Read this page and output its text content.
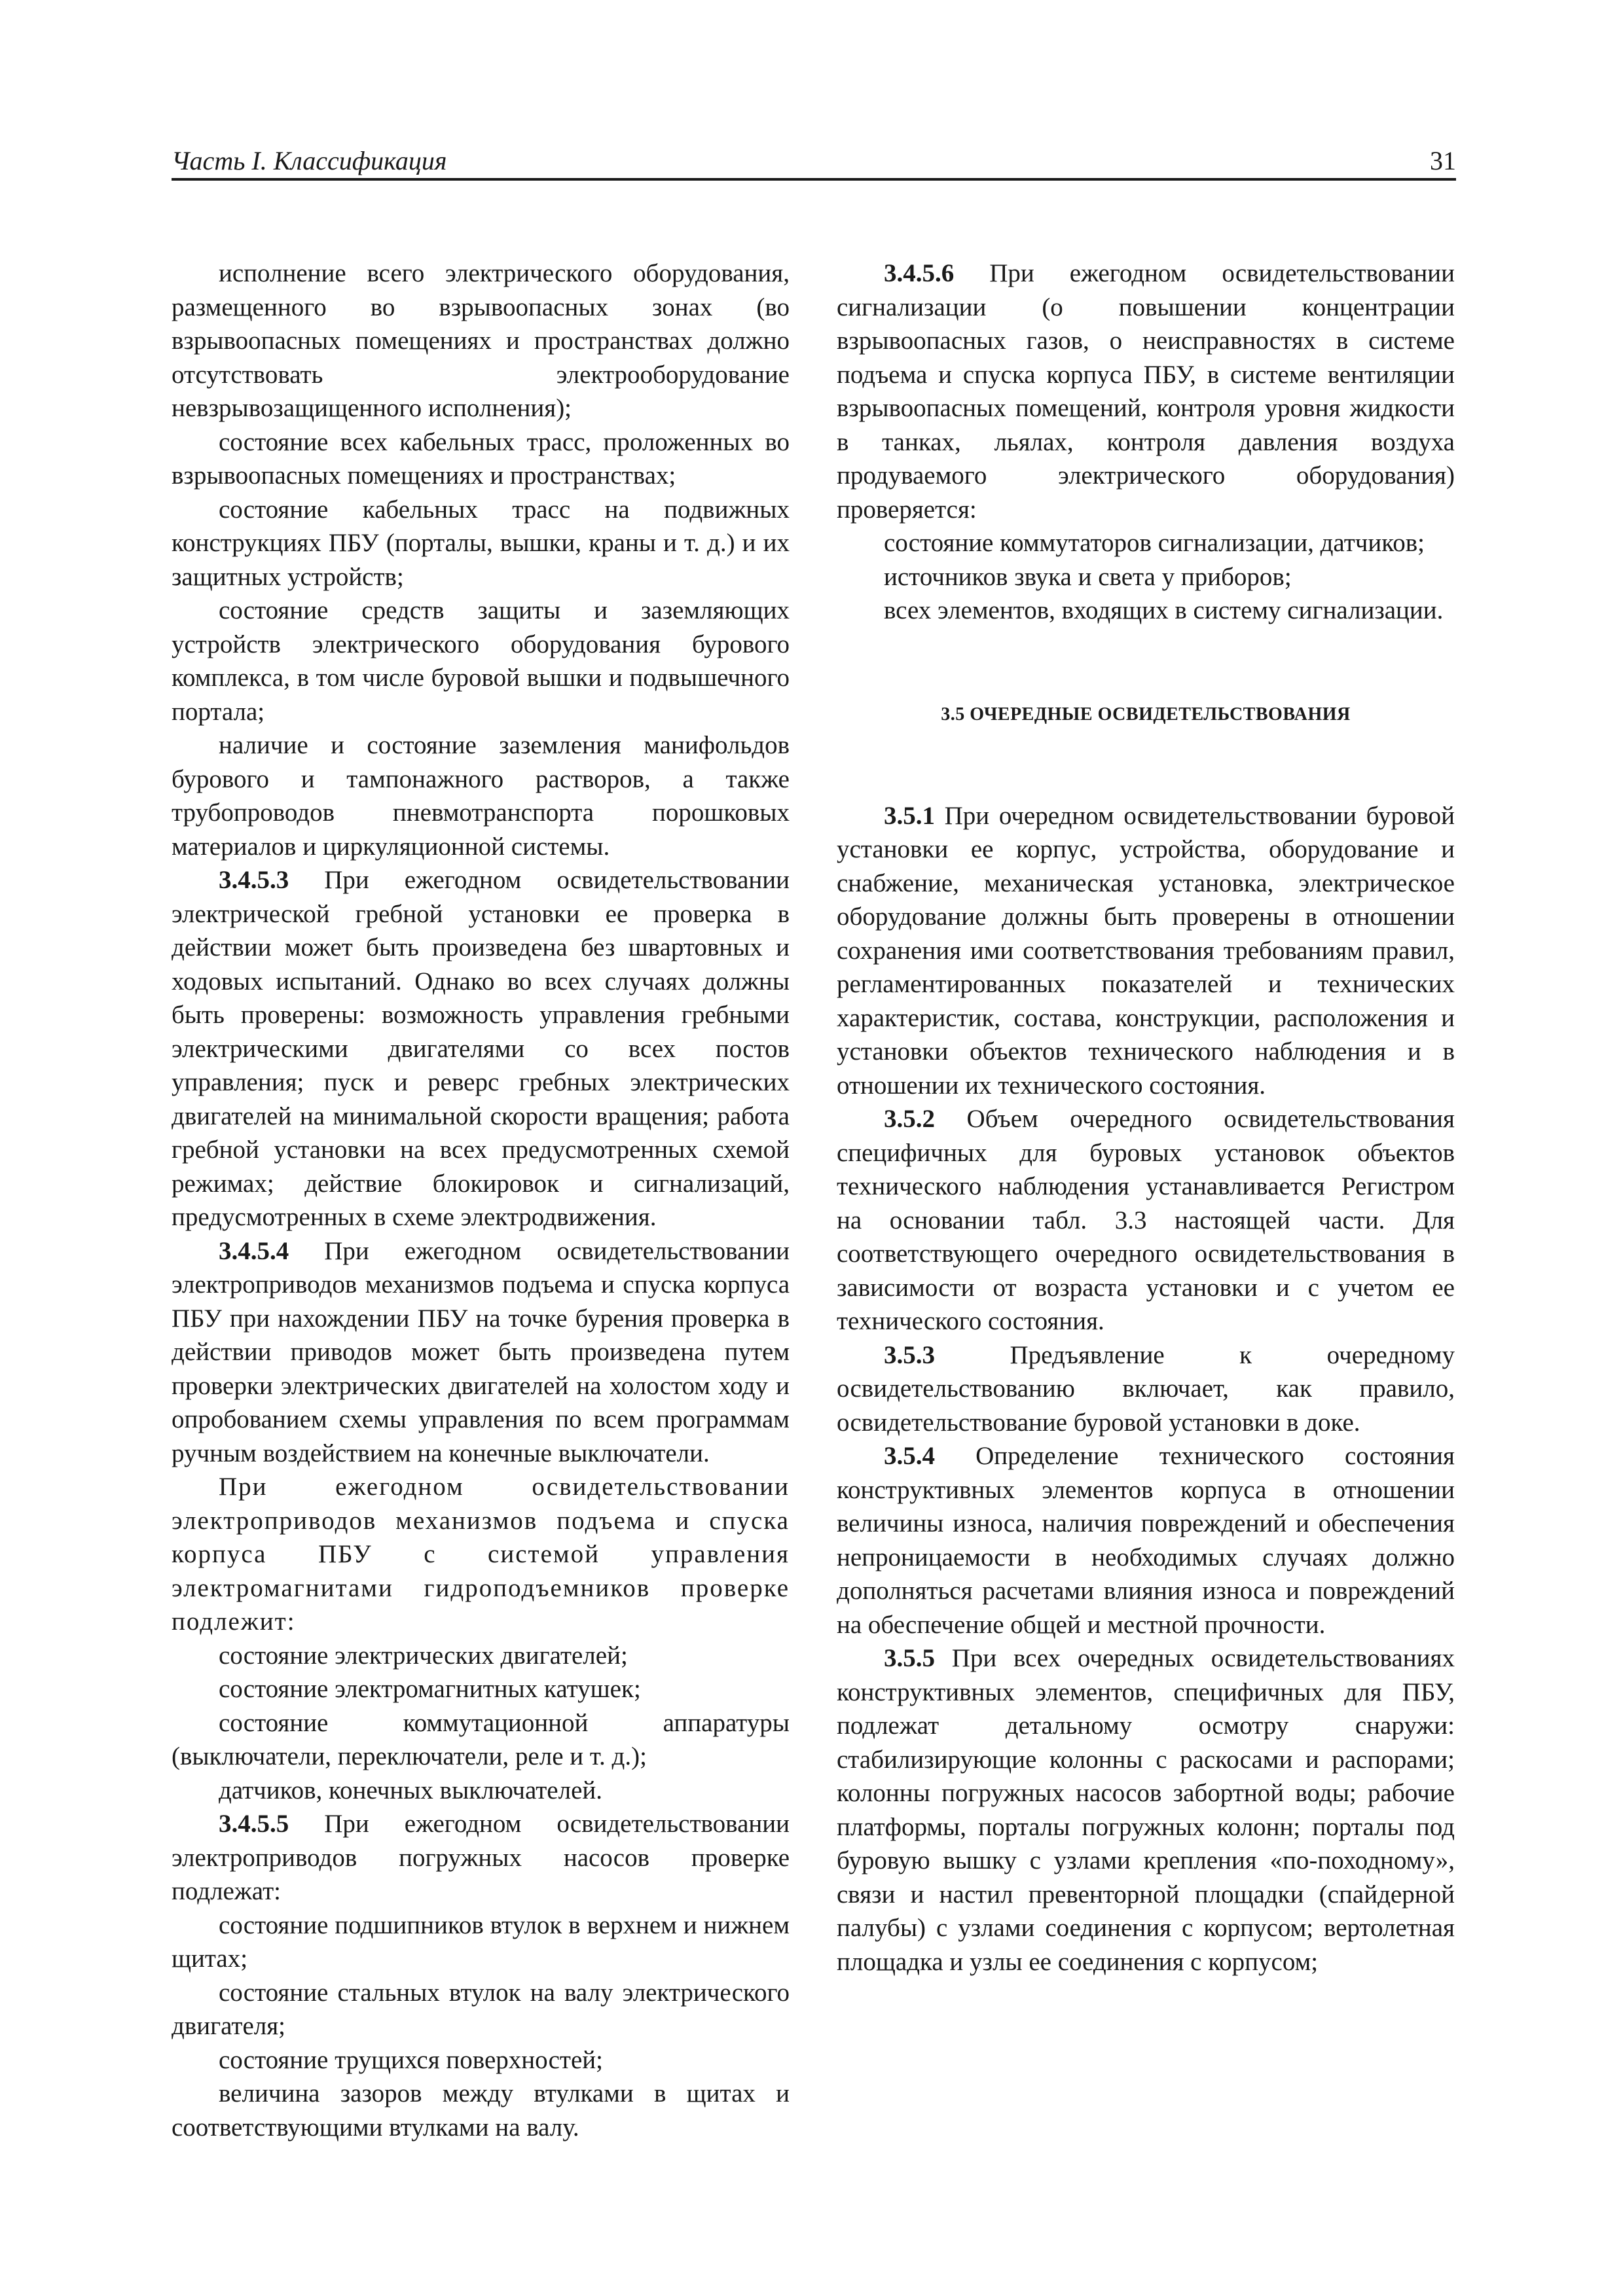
Часть I. Классификация	31

исполнение всего электрического оборудования, размещенного во взрывоопасных зонах (во взрывоопасных помещениях и пространствах должно отсутствовать электрооборудование невзрывозащищенного исполнения);

состояние всех кабельных трасс, проложенных во взрывоопасных помещениях и пространствах;

состояние кабельных трасс на подвижных конструкциях ПБУ (порталы, вышки, краны и т. д.) и их защитных устройств;

состояние средств защиты и заземляющих устройств электрического оборудования бурового комплекса, в том числе буровой вышки и подвышечного портала;

наличие и состояние заземления манифольдов бурового и тампонажного растворов, а также трубопроводов пневмотранспорта порошковых материалов и циркуляционной системы.

3.4.5.3 При ежегодном освидетельствовании электрической гребной установки ее проверка в действии может быть произведена без швартовных и ходовых испытаний. Однако во всех случаях должны быть проверены: возможность управления гребными электрическими двигателями со всех постов управления; пуск и реверс гребных электрических двигателей на минимальной скорости вращения; работа гребной установки на всех предусмотренных схемой режимах; действие блокировок и сигнализаций, предусмотренных в схеме электродвижения.

3.4.5.4 При ежегодном освидетельствовании электроприводов механизмов подъема и спуска корпуса ПБУ при нахождении ПБУ на точке бурения проверка в действии приводов может быть произведена путем проверки электрических двигателей на холостом ходу и опробованием схемы управления по всем программам ручным воздействием на конечные выключатели.

При ежегодном освидетельствовании электроприводов механизмов подъема и спуска корпуса ПБУ с системой управления электромагнитами гидроподъемников проверке подлежит:

состояние электрических двигателей;

состояние электромагнитных катушек;

состояние коммутационной аппаратуры (выключатели, переключатели, реле и т. д.);

датчиков, конечных выключателей.

3.4.5.5 При ежегодном освидетельствовании электроприводов погружных насосов проверке подлежат:

состояние подшипников втулок в верхнем и нижнем щитах;

состояние стальных втулок на валу электрического двигателя;

состояние трущихся поверхностей;

величина зазоров между втулками в щитах и соответствующими втулками на валу.

3.4.5.6 При ежегодном освидетельствовании сигнализации (о повышении концентрации взрывоопасных газов, о неисправностях в системе подъема и спуска корпуса ПБУ, в системе вентиляции взрывоопасных помещений, контроля уровня жидкости в танках, льялах, контроля давления воздуха продуваемого электрического оборудования) проверяется:

состояние коммутаторов сигнализации, датчиков;

источников звука и света у приборов;

всех элементов, входящих в систему сигнализации.

3.5 ОЧЕРЕДНЫЕ ОСВИДЕТЕЛЬСТВОВАНИЯ

3.5.1 При очередном освидетельствовании буровой установки ее корпус, устройства, оборудование и снабжение, механическая установка, электрическое оборудование должны быть проверены в отношении сохранения ими соответствования требованиям правил, регламентированных показателей и технических характеристик, состава, конструкции, расположения и установки объектов технического наблюдения и в отношении их технического состояния.

3.5.2 Объем очередного освидетельствования специфичных для буровых установок объектов технического наблюдения устанавливается Регистром на основании табл. 3.3 настоящей части. Для соответствующего очередного освидетельствования в зависимости от возраста установки и с учетом ее технического состояния.

3.5.3 Предъявление к очередному освидетельствованию включает, как правило, освидетельствование буровой установки в доке.

3.5.4 Определение технического состояния конструктивных элементов корпуса в отношении величины износа, наличия повреждений и обеспечения непроницаемости в необходимых случаях должно дополняться расчетами влияния износа и повреждений на обеспечение общей и местной прочности.

3.5.5 При всех очередных освидетельствованиях конструктивных элементов, специфичных для ПБУ, подлежат детальному осмотру снаружи: стабилизирующие колонны с раскосами и распорами; колонны погружных насосов забортной воды; рабочие платформы, порталы погружных колонн; порталы под буровую вышку с узлами крепления «по-походному», связи и настил превенторной площадки (спайдерной палубы) с узлами соединения с корпусом; вертолетная площадка и узлы ее соединения с корпусом;
